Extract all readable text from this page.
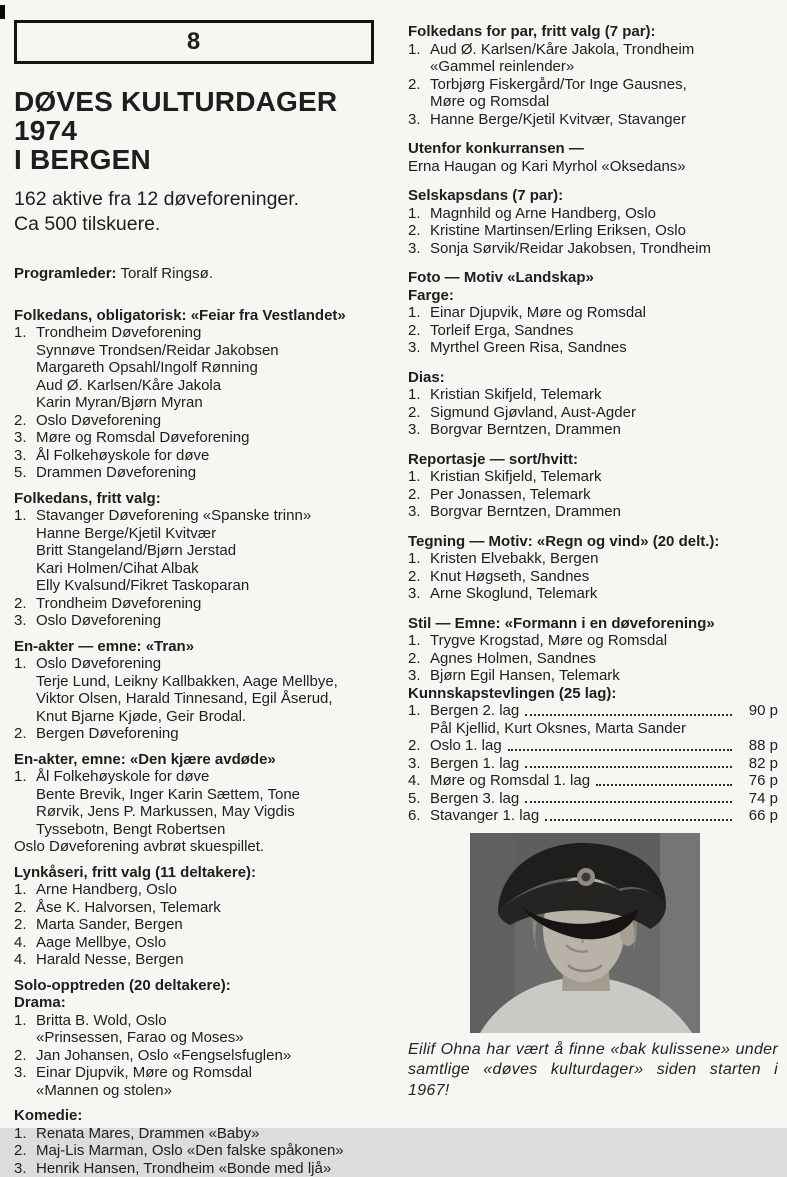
8
DØVES KULTURDAGER 1974
I BERGEN
162 aktive fra 12 døveforeninger.
Ca 500 tilskuere.
Programleder: Toralf Ringsø.
Folkedans, obligatorisk: «Feiar fra Vestlandet»
1. Trondheim Døveforening
Synnøve Trondsen/Reidar Jakobsen
Margareth Opsahl/Ingolf Rønning
Aud Ø. Karlsen/Kåre Jakola
Karin Myran/Bjørn Myran
2. Oslo Døveforening
3. Møre og Romsdal Døveforening
3. Ål Folkehøyskole for døve
5. Drammen Døveforening
Folkedans, fritt valg:
1. Stavanger Døveforening «Spanske trinn»
Hanne Berge/Kjetil Kvitvær
Britt Stangeland/Bjørn Jerstad
Kari Holmen/Cihat Albak
Elly Kvalsund/Fikret Taskoparan
2. Trondheim Døveforening
3. Oslo Døveforening
En-akter — emne: «Tran»
1. Oslo Døveforening
Terje Lund, Leikny Kallbakken, Aage Mellbye,
Viktor Olsen, Harald Tinnesand, Egil Åserud,
Knut Bjarne Kjøde, Geir Brodal.
2. Bergen Døveforening
En-akter, emne: «Den kjære avdøde»
1. Ål Folkehøyskole for døve
Bente Brevik, Inger Karin Sættem, Tone
Rørvik, Jens P. Markussen, May Vigdis
Tyssebotn, Bengt Robertsen
Oslo Døveforening avbrøt skuespillet.
Lynkåseri, fritt valg (11 deltakere):
1. Arne Handberg, Oslo
2. Åse K. Halvorsen, Telemark
2. Marta Sander, Bergen
4. Aage Mellbye, Oslo
4. Harald Nesse, Bergen
Solo-opptreden (20 deltakere):
Drama:
1. Britta B. Wold, Oslo
«Prinsessen, Farao og Moses»
2. Jan Johansen, Oslo «Fengselsfuglen»
3. Einar Djupvik, Møre og Romsdal
«Mannen og stolen»
Komedie:
1. Renata Mares, Drammen «Baby»
2. Maj-Lis Marman, Oslo «Den falske spåkonen»
3. Henrik Hansen, Trondheim «Bonde med ljå»
Folkedans for par, fritt valg (7 par):
1. Aud Ø. Karlsen/Kåre Jakola, Trondheim
«Gammel reinlender»
2. Torbjørg Fiskergård/Tor Inge Gausnes,
Møre og Romsdal
3. Hanne Berge/Kjetil Kvitvær, Stavanger
Utenfor konkurransen —
Erna Haugan og Kari Myrhol «Oksedans»
Selskapsdans (7 par):
1. Magnhild og Arne Handberg, Oslo
2. Kristine Martinsen/Erling Eriksen, Oslo
3. Sonja Sørvik/Reidar Jakobsen, Trondheim
Foto — Motiv «Landskap»
Farge:
1. Einar Djupvik, Møre og Romsdal
2. Torleif Erga, Sandnes
3. Myrthel Green Risa, Sandnes
Dias:
1. Kristian Skifjeld, Telemark
2. Sigmund Gjøvland, Aust-Agder
3. Borgvar Berntzen, Drammen
Reportasje — sort/hvitt:
1. Kristian Skifjeld, Telemark
2. Per Jonassen, Telemark
3. Borgvar Berntzen, Drammen
Tegning — Motiv: «Regn og vind» (20 delt.):
1. Kristen Elvebakk, Bergen
2. Knut Høgseth, Sandnes
3. Arne Skoglund, Telemark
Stil — Emne: «Formann i en døveforening»
1. Trygve Krogstad, Møre og Romsdal
2. Agnes Holmen, Sandnes
3. Bjørn Egil Hansen, Telemark
Kunnskapstevlingen (25 lag):
1. Bergen 2. lag	90 p
Pål Kjellid, Kurt Oksnes, Marta Sander
2. Oslo 1. lag	88 p
3. Bergen 1. lag	82 p
4. Møre og Romsdal 1. lag	76 p
5. Bergen 3. lag	74 p
6. Stavanger 1. lag	66 p
Eilif Ohna har vært å finne «bak kulissene» under samtlige «døves kulturdager» siden starten i 1967!
